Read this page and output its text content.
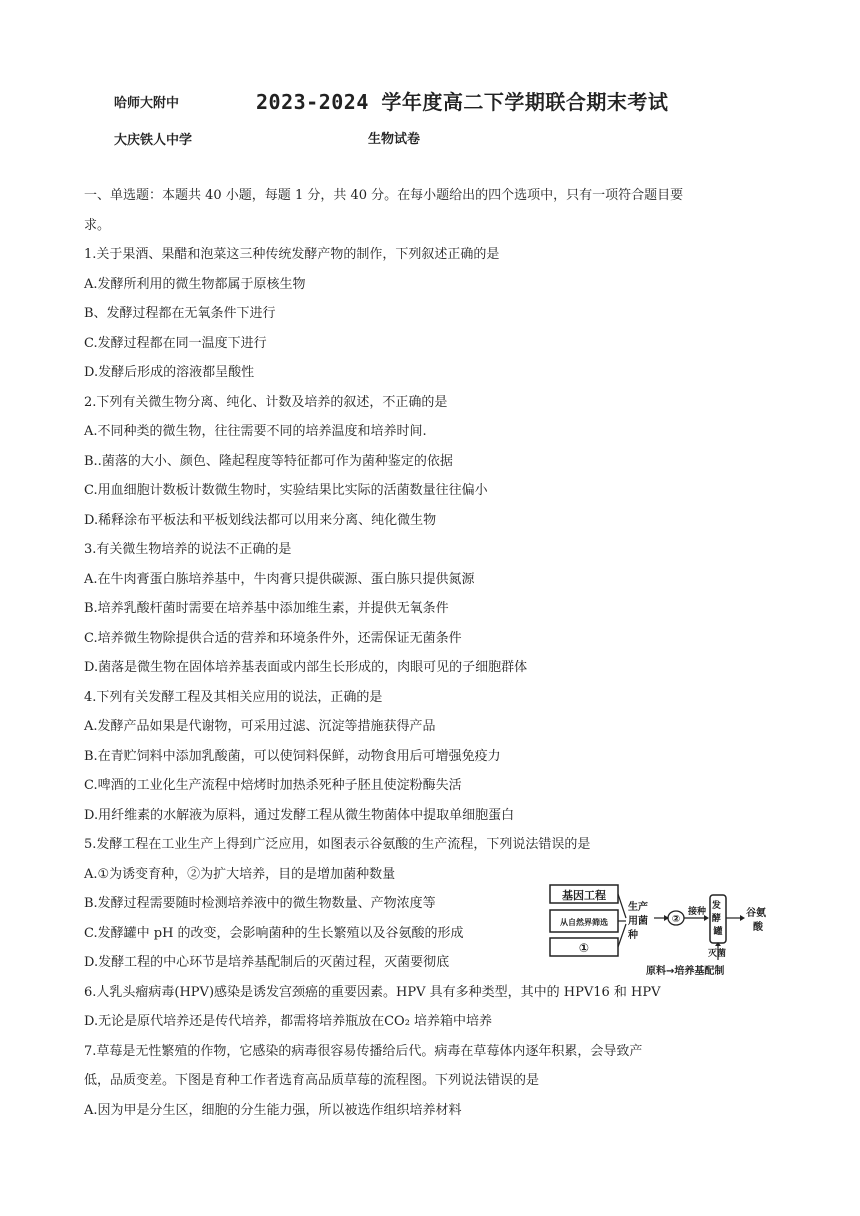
哈师大附中	2023-2024 学年度高二下学期联合期末考试
大庆铁人中学	生物试卷
一、单选题：本题共 40 小题，每题 1 分，共 40 分。在每小题给出的四个选项中，只有一项符合题目要
求。
1.关于果酒、果醋和泡菜这三种传统发酵产物的制作，下列叙述正确的是
A.发酵所利用的微生物都属于原核生物
B、发酵过程都在无氧条件下进行
C.发酵过程都在同一温度下进行
D.发酵后形成的溶液都呈酸性
2.下列有关微生物分离、纯化、计数及培养的叙述，不正确的是
A.不同种类的微生物，往往需要不同的培养温度和培养时间.
B..菌落的大小、颜色、隆起程度等特征都可作为菌种鉴定的依据
C.用血细胞计数板计数微生物时，实验结果比实际的活菌数量往往偏小
D.稀释涂布平板法和平板划线法都可以用来分离、纯化微生物
3.有关微生物培养的说法不正确的是
A.在牛肉膏蛋白胨培养基中，牛肉膏只提供碳源、蛋白胨只提供氮源
B.培养乳酸杆菌时需要在培养基中添加维生素，并提供无氧条件
C.培养微生物除提供合适的营养和环境条件外，还需保证无菌条件
D.菌落是微生物在固体培养基表面或内部生长形成的，肉眼可见的子细胞群体
4.下列有关发酵工程及其相关应用的说法，正确的是
A.发酵产品如果是代谢物，可采用过滤、沉淀等措施获得产品
B.在青贮饲料中添加乳酸菌，可以使饲料保鲜，动物食用后可增强免疫力
C.啤酒的工业化生产流程中焙烤时加热杀死种子胚且使淀粉酶失活
D.用纤维素的水解液为原料，通过发酵工程从微生物菌体中提取单细胞蛋白
5.发酵工程在工业生产上得到广泛应用，如图表示谷氨酸的生产流程，下列说法错误的是
A.①为诱变育种，②为扩大培养，目的是增加菌种数量
B.发酵过程需要随时检测培养液中的微生物数量、产物浓度等
C.发酵罐中 pH 的改变，会影响菌种的生长繁殖以及谷氨酸的形成
D.发酵工程的中心环节是培养基配制后的灭菌过程，灭菌要彻底
6.人乳头瘤病毒(HPV)感染是诱发宫颈癌的重要因素。HPV 具有多种类型，其中的 HPV16 和 HPV
D.无论是原代培养还是传代培养，都需将培养瓶放在CO₂ 培养箱中培养
7.草莓是无性繁殖的作物，它感染的病毒很容易传播给后代。病毒在草莓体内逐年积累，会导致产
低，品质变差。下图是育种工作者选育高品质草莓的流程图。下列说法错误的是
A.因为甲是分生区，细胞的分生能力强，所以被选作组织培养材料
基因工程
从自然界筛选
①
生产 用菌 种
②
接种
发 酵 罐
谷氨 酸
灭菌
原料→培养基配制
